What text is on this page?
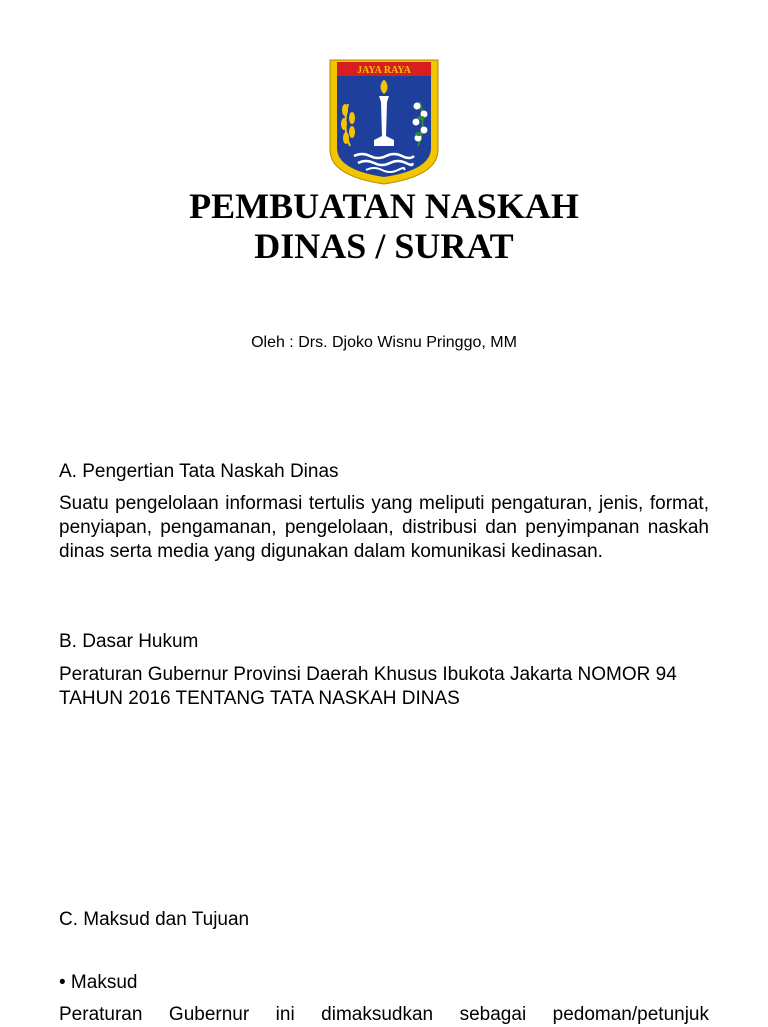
JAYA RAYA
PEMBUATAN NASKAH
DINAS / SURAT
Oleh : Drs. Djoko Wisnu Pringgo, MM

A. Pengertian Tata Naskah Dinas

Suatu pengelolaan informasi tertulis yang meliputi pengaturan, jenis, format, penyiapan, pengamanan, pengelolaan, distribusi dan penyimpanan naskah dinas serta media yang digunakan dalam komunikasi kedinasan.

B. Dasar Hukum

Peraturan Gubernur Provinsi Daerah Khusus Ibukota Jakarta NOMOR 94 TAHUN 2016 TENTANG TATA NASKAH DINAS

C. Maksud dan Tujuan

• Maksud

Peraturan Gubernur ini dimaksudkan sebagai pedoman/petunjuk
